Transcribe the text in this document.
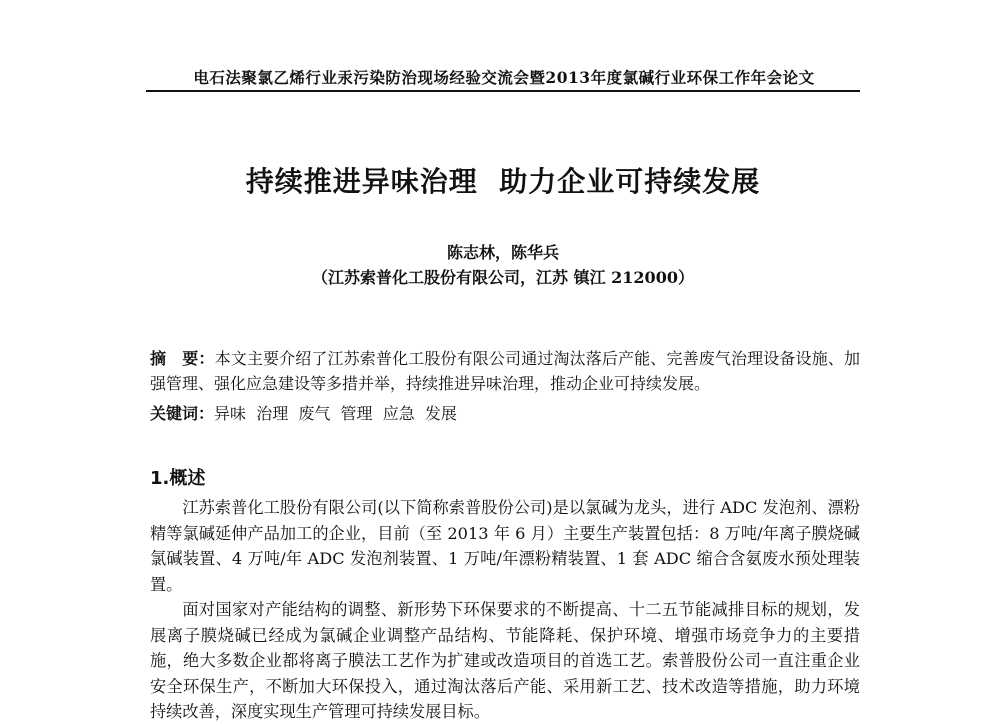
电石法聚氯乙烯行业汞污染防治现场经验交流会暨2013年度氯碱行业环保工作年会论文
持续推进异味治理  助力企业可持续发展
陈志林，陈华兵
（江苏索普化工股份有限公司，江苏 镇江 212000）
摘　要：本文主要介绍了江苏索普化工股份有限公司通过淘汰落后产能、完善废气治理设备设施、加强管理、强化应急建设等多措并举，持续推进异味治理，推动企业可持续发展。
关键词：异味  治理  废气  管理  应急  发展
1.概述

江苏索普化工股份有限公司(以下简称索普股份公司)是以氯碱为龙头，进行 ADC 发泡剂、漂粉精等氯碱延伸产品加工的企业，目前（至 2013 年 6 月）主要生产装置包括：8 万吨/年离子膜烧碱氯碱装置、4 万吨/年 ADC 发泡剂装置、1 万吨/年漂粉精装置、1 套 ADC 缩合含氨废水预处理装置。

面对国家对产能结构的调整、新形势下环保要求的不断提高、十二五节能减排目标的规划，发展离子膜烧碱已经成为氯碱企业调整产品结构、节能降耗、保护环境、增强市场竞争力的主要措施，绝大多数企业都将离子膜法工艺作为扩建或改造项目的首选工艺。索普股份公司一直注重企业安全环保生产，不断加大环保投入，通过淘汰落后产能、采用新工艺、技术改造等措施，助力环境持续改善，深度实现生产管理可持续发展目标。
